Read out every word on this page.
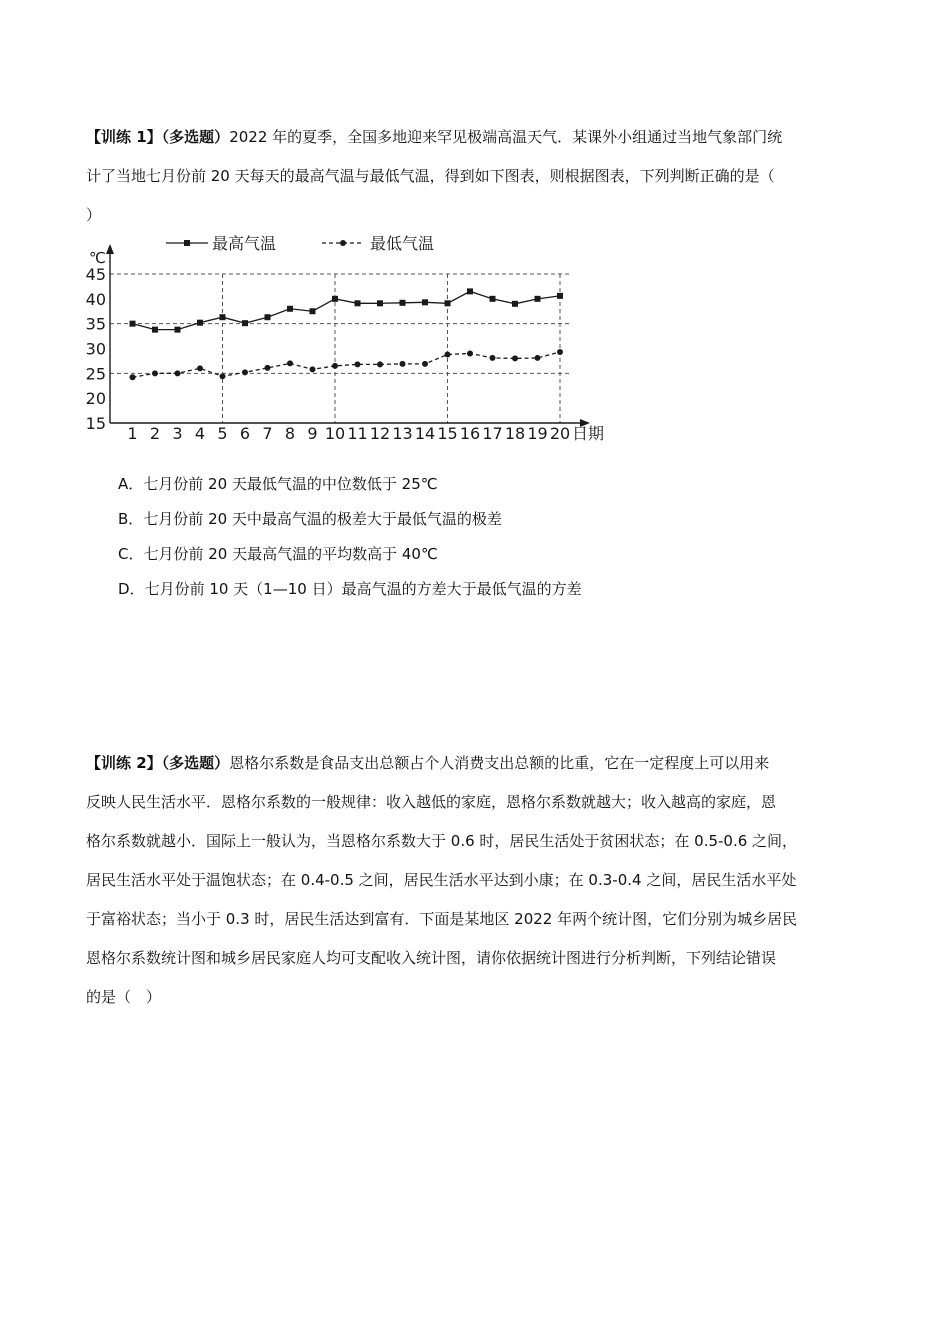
【训练 1】（多选题）2022 年的夏季，全国多地迎来罕见极端高温天气．某课外小组通过当地气象部门统
计了当地七月份前 20 天每天的最高气温与最低气温，得到如下图表，则根据图表，下列判断正确的是（
）

℃
日期
15
20
25
30
35
40
45
1 2 3 4 5 6 7 8 9 10 11 12 13 14 15 16 17 18 19 20
最高气温	最低气温
A．七月份前 20 天最低气温的中位数低于 25℃
B．七月份前 20 天中最高气温的极差大于最低气温的极差
C．七月份前 20 天最高气温的平均数高于 40℃
D．七月份前 10 天（1—10 日）最高气温的方差大于最低气温的方差

【训练 2】（多选题）恩格尔系数是食品支出总额占个人消费支出总额的比重，它在一定程度上可以用来
反映人民生活水平．恩格尔系数的一般规律：收入越低的家庭，恩格尔系数就越大；收入越高的家庭，恩
格尔系数就越小．国际上一般认为，当恩格尔系数大于 0.6 时，居民生活处于贫困状态；在 0.5-0.6 之间，
居民生活水平处于温饱状态；在 0.4-0.5 之间，居民生活水平达到小康；在 0.3-0.4 之间，居民生活水平处
于富裕状态；当小于 0.3 时，居民生活达到富有．下面是某地区 2022 年两个统计图，它们分别为城乡居民
恩格尔系数统计图和城乡居民家庭人均可支配收入统计图，请你依据统计图进行分析判断，下列结论错误
的是（　）
